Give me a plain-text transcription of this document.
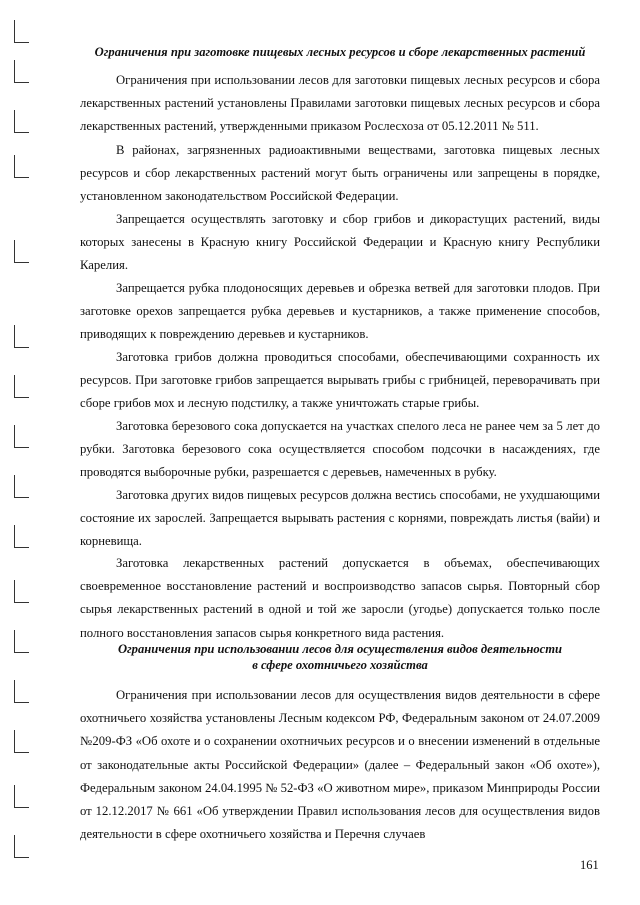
Ограничения при заготовке пищевых лесных ресурсов и сборе лекарственных растений

Ограничения при использовании лесов для заготовки пищевых лесных ресурсов и сбора лекарственных растений установлены Правилами заготовки пищевых лесных ресурсов и сбора лекарственных растений, утвержденными приказом Рослесхоза от 05.12.2011 № 511.

В районах, загрязненных радиоактивными веществами, заготовка пищевых лесных ресурсов и сбор лекарственных растений могут быть ограничены или запрещены в порядке, установленном законодательством Российской Федерации.

Запрещается осуществлять заготовку и сбор грибов и дикорастущих растений, виды которых занесены в Красную книгу Российской Федерации и Красную книгу Республики Карелия.

Запрещается рубка плодоносящих деревьев и обрезка ветвей для заготовки плодов. При заготовке орехов запрещается рубка деревьев и кустарников, а также применение способов, приводящих к повреждению деревьев и кустарников.

Заготовка грибов должна проводиться способами, обеспечивающими сохранность их ресурсов. При заготовке грибов запрещается вырывать грибы с грибницей, переворачивать при сборе грибов мох и лесную подстилку, а также уничтожать старые грибы.

Заготовка березового сока допускается на участках спелого леса не ранее чем за 5 лет до рубки. Заготовка березового сока осуществляется способом подсочки в насаждениях, где проводятся выборочные рубки, разрешается с деревьев, намеченных в рубку.

Заготовка других видов пищевых ресурсов должна вестись способами, не ухудшающими состояние их зарослей. Запрещается вырывать растения с корнями, повреждать листья (вайи) и корневища.

Заготовка лекарственных растений допускается в объемах, обеспечивающих своевременное восстановление растений и воспроизводство запасов сырья. Повторный сбор сырья лекарственных растений в одной и той же заросли (угодье) допускается только после полного восстановления запасов сырья конкретного вида растения.

Ограничения при использовании лесов для осуществления видов деятельности
в сфере охотничьего хозяйства

Ограничения при использовании лесов для осуществления видов деятельности в сфере охотничьего хозяйства установлены Лесным кодексом РФ, Федеральным законом от 24.07.2009 №209-ФЗ «Об охоте и о сохранении охотничьих ресурсов и о внесении изменений в отдельные от законодательные акты Российской Федерации» (далее – Федеральный закон «Об охоте»), Федеральным законом 24.04.1995 № 52-ФЗ «О животном мире», приказом Минприроды России от 12.12.2017 № 661 «Об утверждении Правил использования лесов для осуществления видов деятельности в сфере охотничьего хозяйства и Перечня случаев

161
